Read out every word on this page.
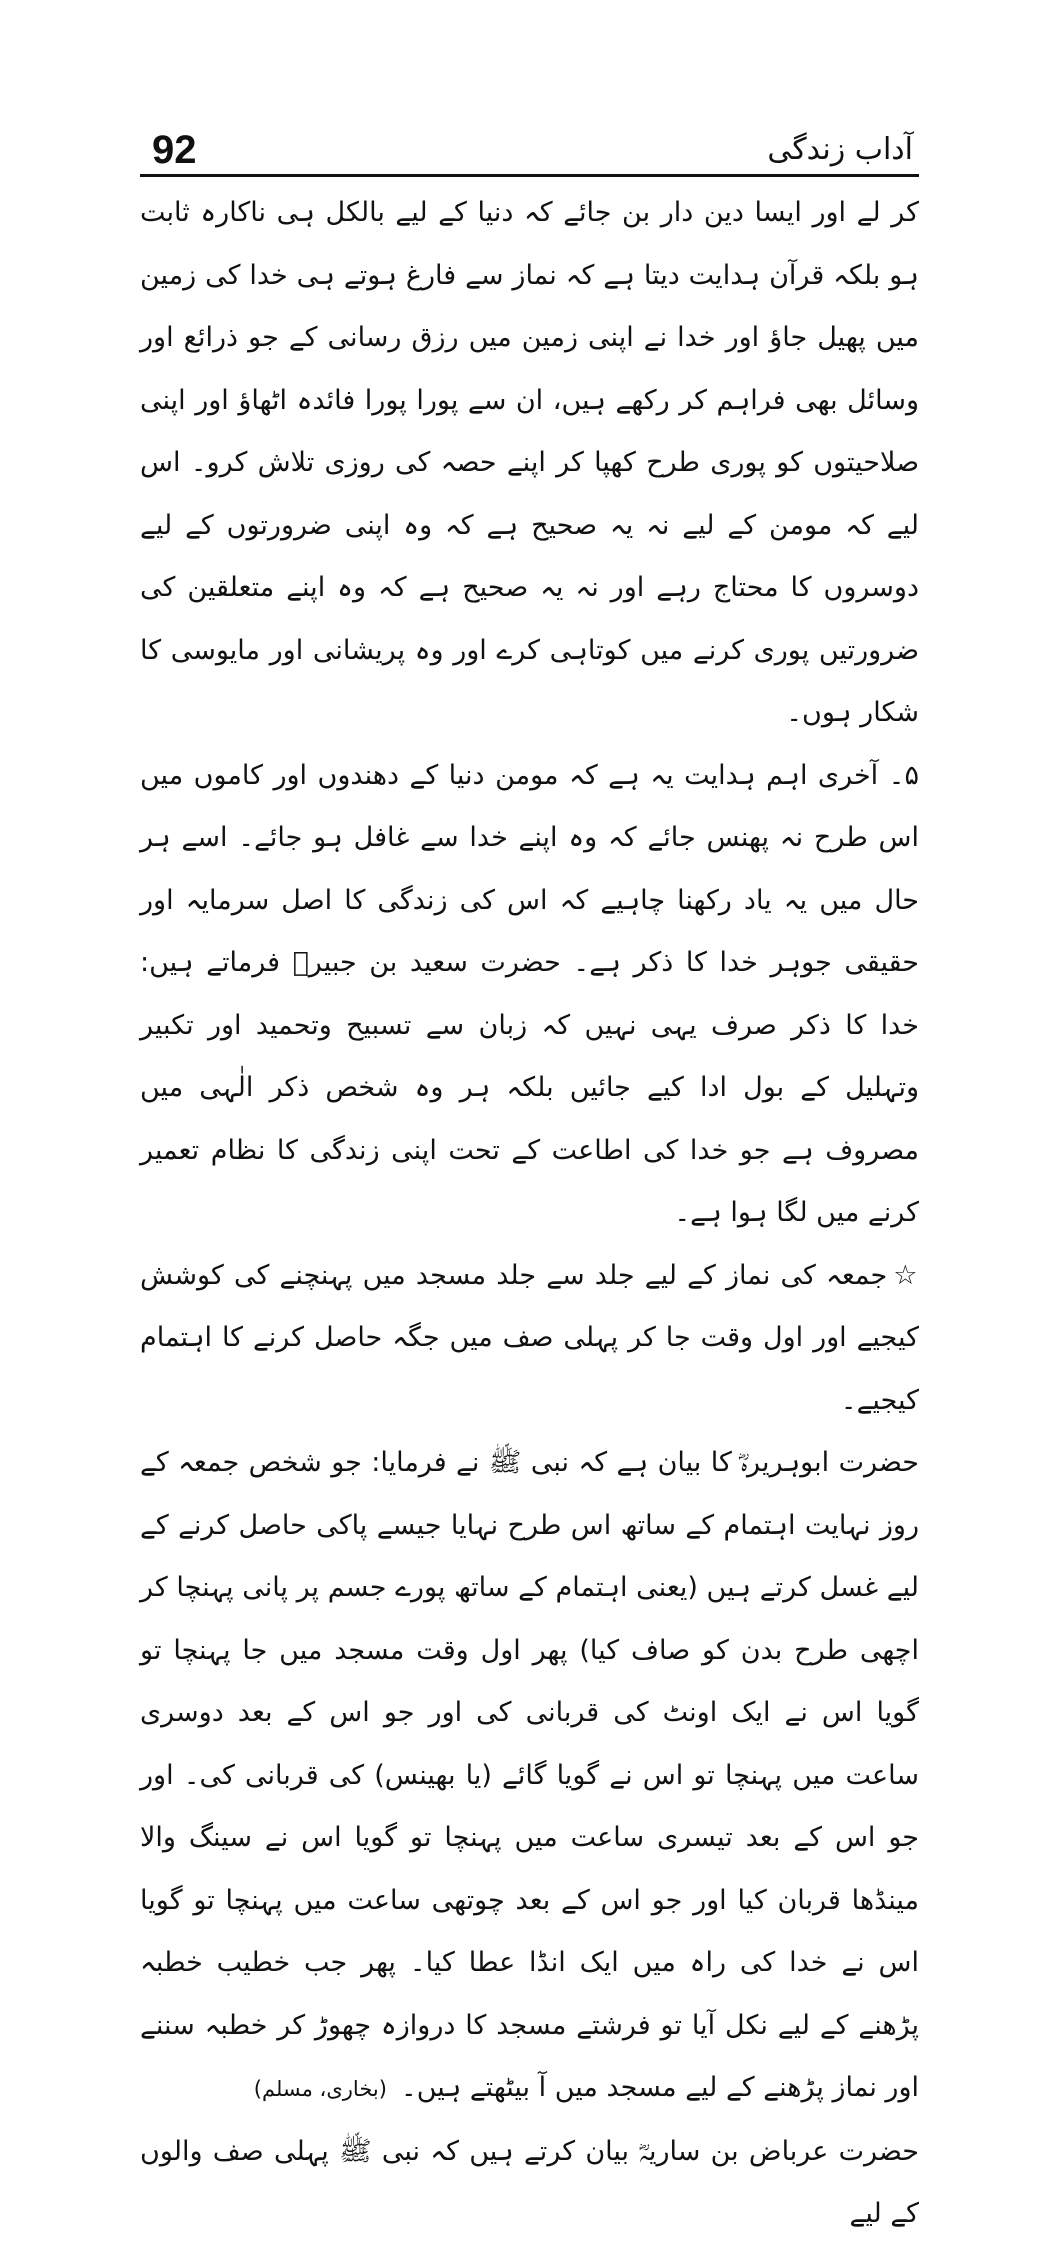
92	آداب زندگی

کر لے اور ایسا دین دار بن جائے کہ دنیا کے لیے بالکل ہی ناکارہ ثابت ہو بلکہ قرآن ہدایت دیتا ہے کہ نماز سے فارغ ہوتے ہی خدا کی زمین میں پھیل جاؤ اور خدا نے اپنی زمین میں رزق رسانی کے جو ذرائع اور وسائل بھی فراہم کر رکھے ہیں، ان سے پورا پورا فائدہ اٹھاؤ اور اپنی صلاحیتوں کو پوری طرح کھپا کر اپنے حصہ کی روزی تلاش کرو۔ اس لیے کہ مومن کے لیے نہ یہ صحیح ہے کہ وہ اپنی ضرورتوں کے لیے دوسروں کا محتاج رہے اور نہ یہ صحیح ہے کہ وہ اپنے متعلقین کی ضرورتیں پوری کرنے میں کوتاہی کرے اور وہ پریشانی اور مایوسی کا شکار ہوں۔

۵۔ آخری اہم ہدایت یہ ہے کہ مومن دنیا کے دھندوں اور کاموں میں اس طرح نہ پھنس جائے کہ وہ اپنے خدا سے غافل ہو جائے۔ اسے ہر حال میں یہ یاد رکھنا چاہیے کہ اس کی زندگی کا اصل سرمایہ اور حقیقی جوہر خدا کا ذکر ہے۔ حضرت سعید بن جبیرؒ فرماتے ہیں: خدا کا ذکر صرف یہی نہیں کہ زبان سے تسبیح وتحمید اور تکبیر وتہلیل کے بول ادا کیے جائیں بلکہ ہر وہ شخص ذکر الٰہی میں مصروف ہے جو خدا کی اطاعت کے تحت اپنی زندگی کا نظام تعمیر کرنے میں لگا ہوا ہے۔

☆جمعہ کی نماز کے لیے جلد سے جلد مسجد میں پہنچنے کی کوشش کیجیے اور اول وقت جا کر پہلی صف میں جگہ حاصل کرنے کا اہتمام کیجیے۔

حضرت ابوہریرہؓ کا بیان ہے کہ نبی ﷺ نے فرمایا: جو شخص جمعہ کے روز نہایت اہتمام کے ساتھ اس طرح نہایا جیسے پاکی حاصل کرنے کے لیے غسل کرتے ہیں (یعنی اہتمام کے ساتھ پورے جسم پر پانی پہنچا کر اچھی طرح بدن کو صاف کیا) پھر اول وقت مسجد میں جا پہنچا تو گویا اس نے ایک اونٹ کی قربانی کی اور جو اس کے بعد دوسری ساعت میں پہنچا تو اس نے گویا گائے (یا بھینس) کی قربانی کی۔ اور جو اس کے بعد تیسری ساعت میں پہنچا تو گویا اس نے سینگ والا مینڈھا قربان کیا اور جو اس کے بعد چوتھی ساعت میں پہنچا تو گویا اس نے خدا کی راہ میں ایک انڈا عطا کیا۔ پھر جب خطیب خطبہ پڑھنے کے لیے نکل آیا تو فرشتے مسجد کا دروازہ چھوڑ کر خطبہ سننے اور نماز پڑھنے کے لیے مسجد میں آ بیٹھتے ہیں۔(بخاری، مسلم)

حضرت عرباض بن ساریہؓ بیان کرتے ہیں کہ نبی ﷺ پہلی صف والوں کے لیے
